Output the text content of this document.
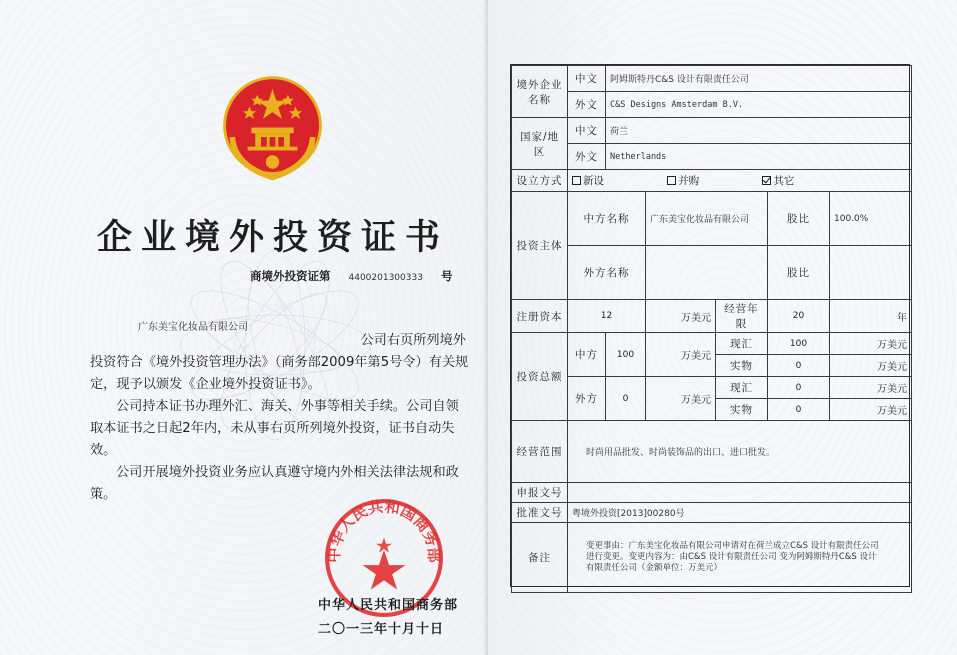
企业境外投资证书
商境外投资证第 4400201300333 号
广东美宝化妆品有限公司

公司右页所列境外

投资符合《境外投资管理办法》（商务部2009年第5号令）有关规定，现予以颁发《企业境外投资证书》。

公司持本证书办理外汇、海关、外事等相关手续。公司自领取本证书之日起2年内，未从事右页所列境外投资，证书自动失效。

公司开展境外投资业务应认真遵守境内外相关法律法规和政策。

中华人民共和国商务部
中华人民共和国商务部
二〇一三年十月十日
境外企业名称	中文	阿姆斯特丹C&S 设计有限责任公司				
	外文	C&S Designs Amsterdam B.V.				
国家/地区	中文	荷兰				
	外文	Netherlands				
设立方式	新设 并购 其它					
投资主体	中方名称		广东美宝化妆品有限公司		股比	100.0%
	外方名称				股比	
注册资本	12		万美元	经营年限	20	年
投资总额	中方	100	万美元	现汇	100	万美元
				实物	0	万美元
	外方	0	万美元	现汇	0	万美元
				实物	0	万美元
经营范围	时尚用品批发、时尚装饰品的出口、进口批发。					
申报文号						
批准文号	粤境外投资[2013]00280号					
备注	变更事由：广东美宝化妆品有限公司申请对在荷兰成立C&S 设计有限责任公司 进行变更。变更内容为：由C&S 设计有限责任公司 变为阿姆斯特丹C&S 设计有限责任公司（金额单位：万美元）					
